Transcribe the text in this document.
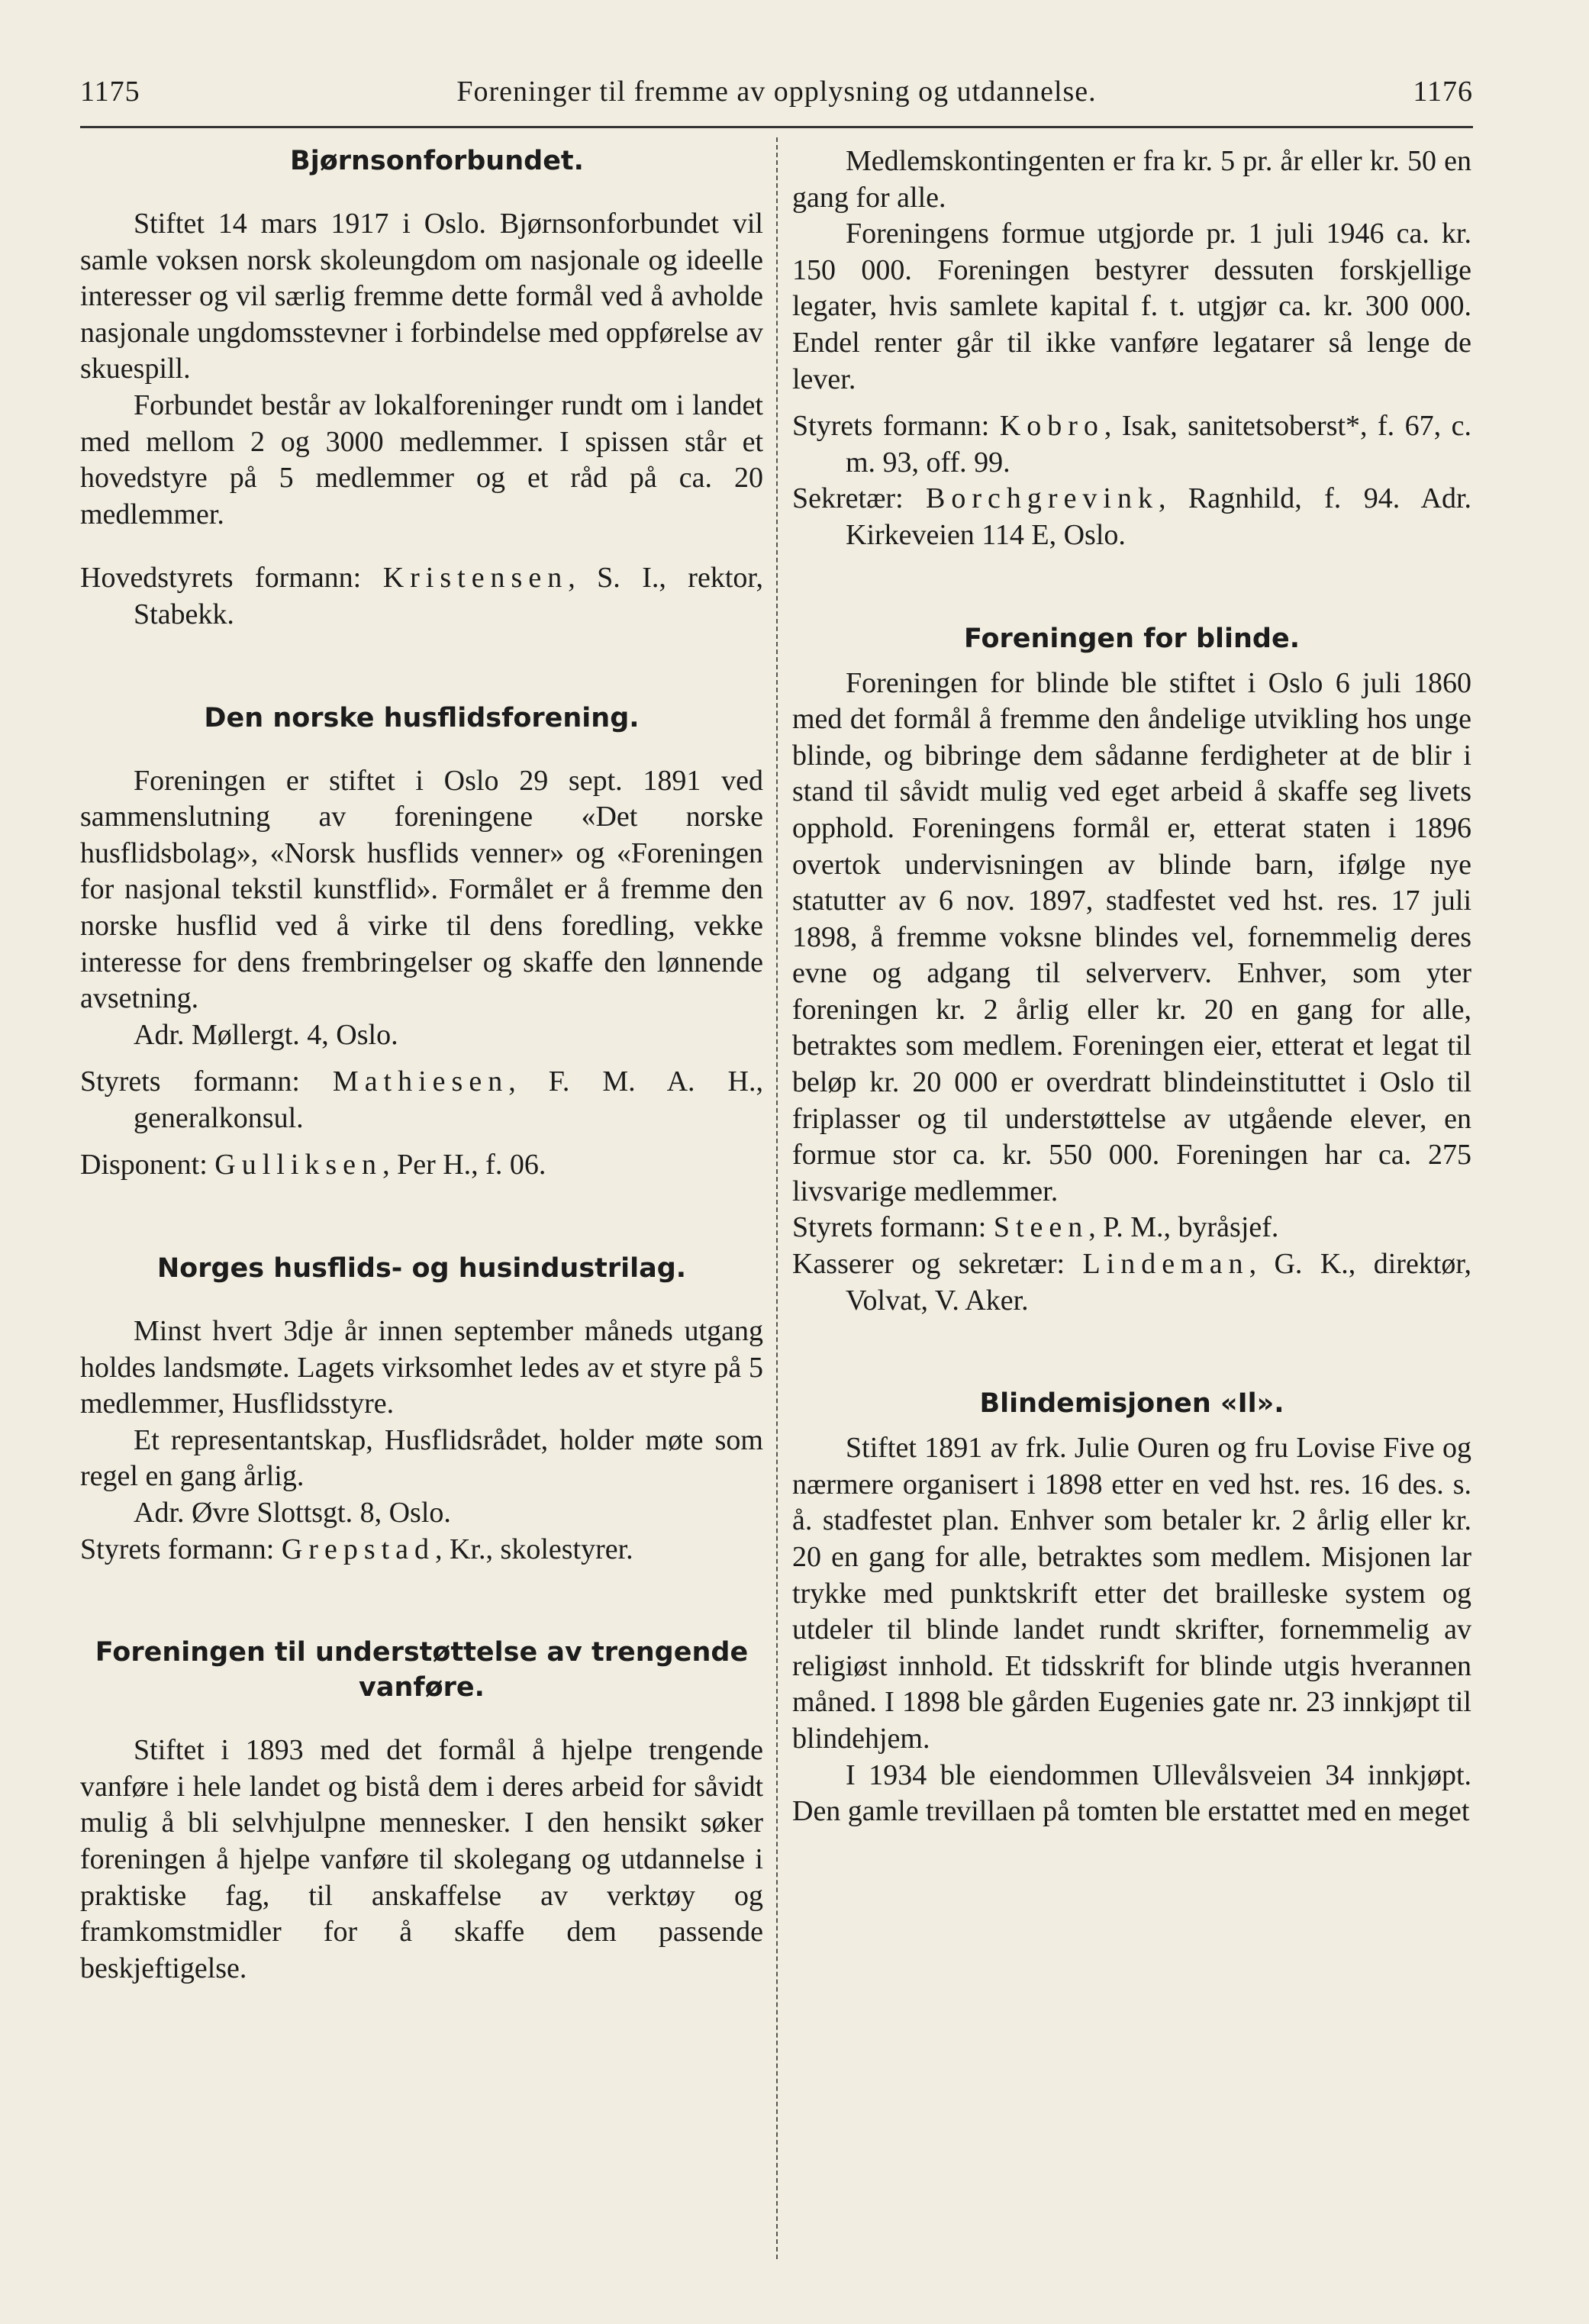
1175	Foreninger til fremme av opplysning og utdannelse.	1176
Bjørnsonforbundet.

Stiftet 14 mars 1917 i Oslo. Bjørnsonforbundet vil samle voksen norsk skoleungdom om nasjonale og ideelle interesser og vil særlig fremme dette formål ved å avholde nasjonale ungdomsstevner i forbindelse med oppførelse av skuespill.

Forbundet består av lokalforeninger rundt om i landet med mellom 2 og 3000 medlemmer. I spissen står et hovedstyre på 5 medlemmer og et råd på ca. 20 medlemmer.

Hovedstyrets formann: Kristensen, S. I., rektor, Stabekk.

Den norske husflidsforening.

Foreningen er stiftet i Oslo 29 sept. 1891 ved sammenslutning av foreningene «Det norske husflidsbolag», «Norsk husflids venner» og «Foreningen for nasjonal tekstil kunstflid». Formålet er å fremme den norske husflid ved å virke til dens foredling, vekke interesse for dens frembringelser og skaffe den lønnende avsetning.

Adr. Møllergt. 4, Oslo.

Styrets formann: Mathiesen, F. M. A. H., generalkonsul.

Disponent: Gulliksen, Per H., f. 06.

Norges husflids- og husindustrilag.

Minst hvert 3dje år innen september måneds utgang holdes landsmøte. Lagets virksomhet ledes av et styre på 5 medlemmer, Husflidsstyre.

Et representantskap, Husflidsrådet, holder møte som regel en gang årlig.

Adr. Øvre Slottsgt. 8, Oslo.

Styrets formann: Grepstad, Kr., skolestyrer.

Foreningen til understøttelse av trengende vanføre.

Stiftet i 1893 med det formål å hjelpe trengende vanføre i hele landet og bistå dem i deres arbeid for såvidt mulig å bli selvhjulpne mennesker. I den hensikt søker foreningen å hjelpe vanføre til skolegang og utdannelse i praktiske fag, til anskaffelse av verktøy og framkomstmidler for å skaffe dem passende beskjeftigelse.

Medlemskontingenten er fra kr. 5 pr. år eller kr. 50 en gang for alle.

Foreningens formue utgjorde pr. 1 juli 1946 ca. kr. 150 000. Foreningen bestyrer dessuten forskjellige legater, hvis samlete kapital f. t. utgjør ca. kr. 300 000. Endel renter går til ikke vanføre legatarer så lenge de lever.

Styrets formann: Kobro, Isak, sanitetsoberst*, f. 67, c. m. 93, off. 99.

Sekretær: Borchgrevink, Ragnhild, f. 94. Adr. Kirkeveien 114 E, Oslo.

Foreningen for blinde.

Foreningen for blinde ble stiftet i Oslo 6 juli 1860 med det formål å fremme den åndelige utvikling hos unge blinde, og bibringe dem sådanne ferdigheter at de blir i stand til såvidt mulig ved eget arbeid å skaffe seg livets opphold. Foreningens formål er, etterat staten i 1896 overtok undervisningen av blinde barn, ifølge nye statutter av 6 nov. 1897, stadfestet ved hst. res. 17 juli 1898, å fremme voksne blindes vel, fornemmelig deres evne og adgang til selververv. Enhver, som yter foreningen kr. 2 årlig eller kr. 20 en gang for alle, betraktes som medlem. Foreningen eier, etterat et legat til beløp kr. 20 000 er overdratt blindeinstituttet i Oslo til friplasser og til understøttelse av utgående elever, en formue stor ca. kr. 550 000. Foreningen har ca. 275 livsvarige medlemmer.

Styrets formann: Steen, P. M., byråsjef.

Kasserer og sekretær: Lindeman, G. K., direktør, Volvat, V. Aker.

Blindemisjonen «Il».

Stiftet 1891 av frk. Julie Ouren og fru Lovise Five og nærmere organisert i 1898 etter en ved hst. res. 16 des. s. å. stadfestet plan. Enhver som betaler kr. 2 årlig eller kr. 20 en gang for alle, betraktes som medlem. Misjonen lar trykke med punktskrift etter det brailleske system og utdeler til blinde landet rundt skrifter, fornemmelig av religiøst innhold. Et tidsskrift for blinde utgis hverannen måned. I 1898 ble gården Eugenies gate nr. 23 innkjøpt til blindehjem.

I 1934 ble eiendommen Ullevålsveien 34 innkjøpt. Den gamle trevillaen på tomten ble erstattet med en meget
